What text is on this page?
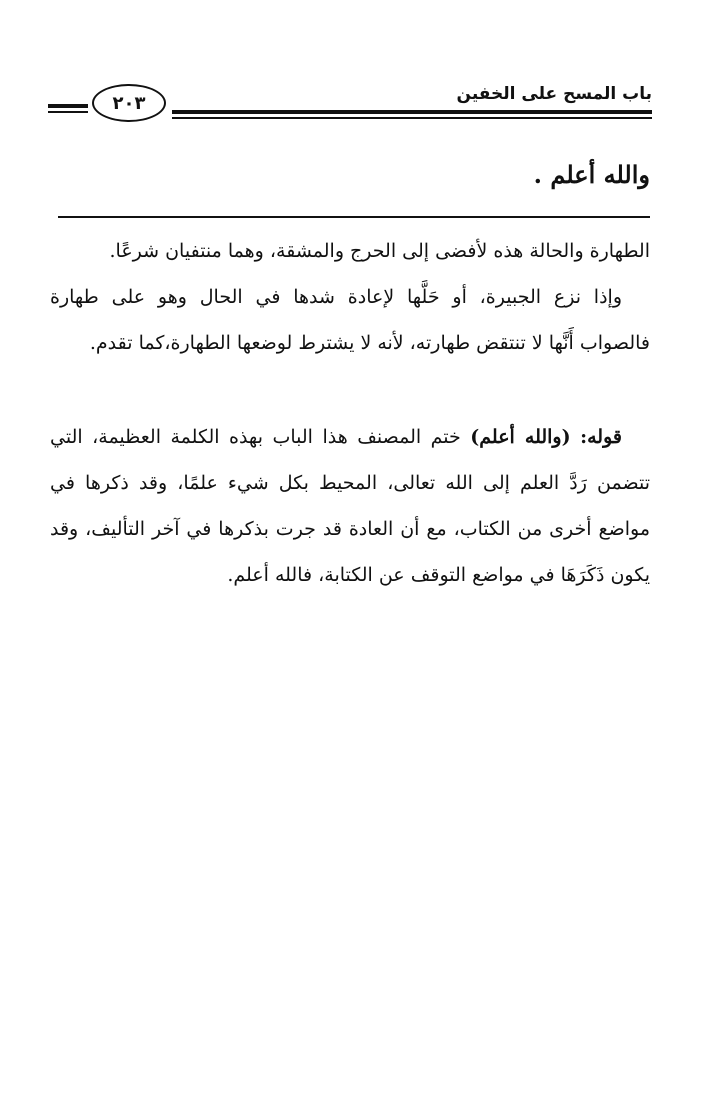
باب المسح على الخفين
٢٠٣
والله أعلم .

الطهارة والحالة هذه لأفضى إلى الحرج والمشقة، وهما منتفيان شرعًا.

وإذا نزع الجبيرة، أو حَلَّها لإعادة شدها في الحال وهو على طهارة فالصواب أَنَّها لا تنتقض طهارته، لأنه لا يشترط لوضعها الطهارة،كما تقدم.

قوله: (والله أعلم) ختم المصنف هذا الباب بهذه الكلمة العظيمة، التي تتضمن رَدَّ العلم إلى الله تعالى، المحيط بكل شيء علمًا، وقد ذكرها في مواضع أخرى من الكتاب، مع أن العادة قد جرت بذكرها في آخر التأليف، وقد يكون ذَكَرَهَا في مواضع التوقف عن الكتابة، فالله أعلم.
